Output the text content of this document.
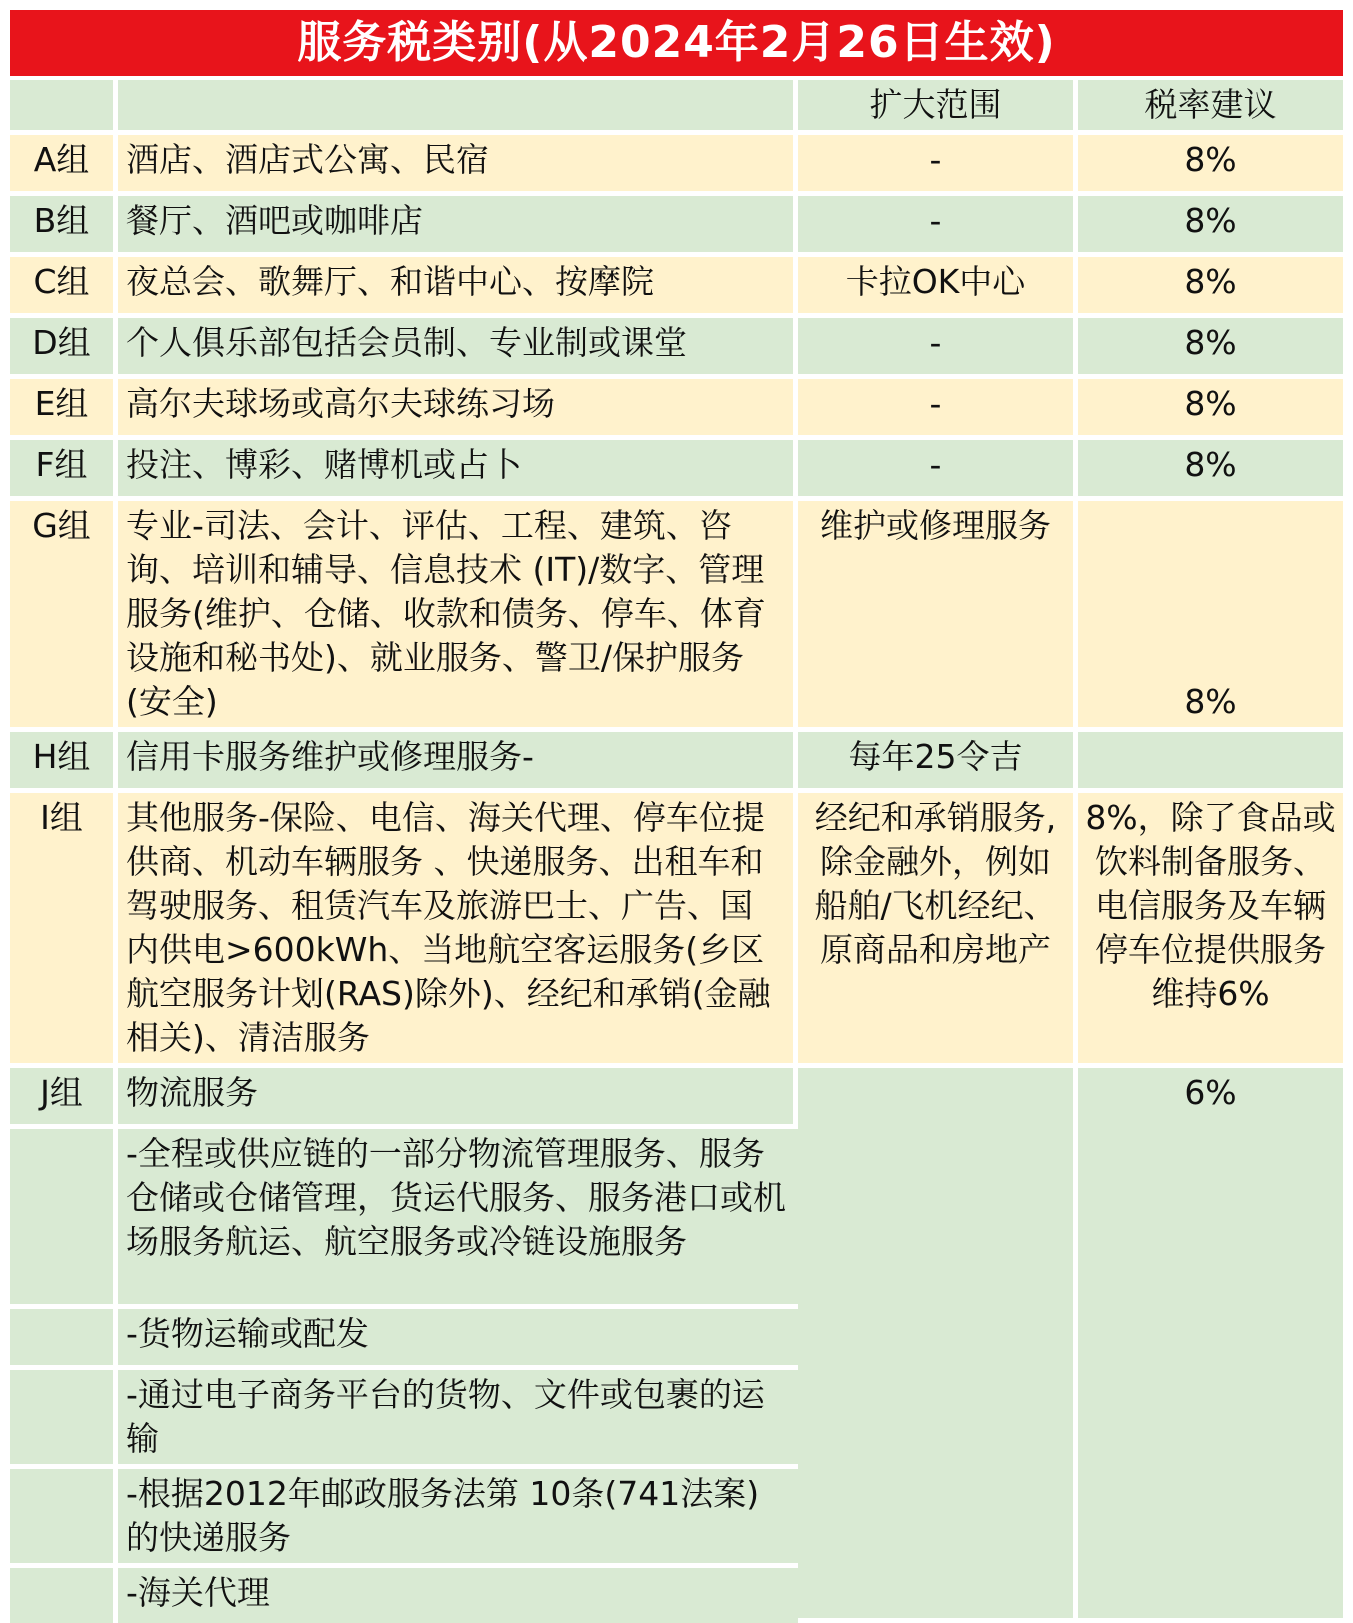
服务税类别(从2024年2月26日生效)
		扩大范围	税率建议
A组	酒店、酒店式公寓、民宿	-	8%
B组	餐厅、酒吧或咖啡店	-	8%
C组	夜总会、歌舞厅、和谐中心、按摩院	卡拉OK中心	8%
D组	个人俱乐部包括会员制、专业制或课堂	-	8%
E组	高尔夫球场或高尔夫球练习场	-	8%
F组	投注、博彩、赌博机或占卜	-	8%
G组	专业-司法、会计、评估、工程、建筑、咨询、培训和辅导、信息技术 (IT)/数字、管理服务(维护、仓储、收款和债务、停车、体育设施和秘书处)、就业服务、警卫/保护服务(安全)	维护或修理服务	8%
H组	信用卡服务维护或修理服务-	每年25令吉	
I组	其他服务-保险、电信、海关代理、停车位提供商、机动车辆服务 、快递服务、出租车和驾驶服务、租赁汽车及旅游巴士、广告、国内供电>600kWh、当地航空客运服务(乡区航空服务计划(RAS)除外)、经纪和承销(金融相关)、清洁服务	经纪和承销服务,除金融外，例如船舶/飞机经纪、原商品和房地产	8%，除了食品或饮料制备服务、电信服务及车辆停车位提供服务维持6%
J组	物流服务		6%
	-全程或供应链的一部分物流管理服务、服务仓储或仓储管理，货运代服务、服务港口或机场服务航运、航空服务或冷链设施服务		
	-货物运输或配发		
	-通过电子商务平台的货物、文件或包裹的运输		
	-根据2012年邮政服务法第 10条(741法案)的快递服务		
	-海关代理		
